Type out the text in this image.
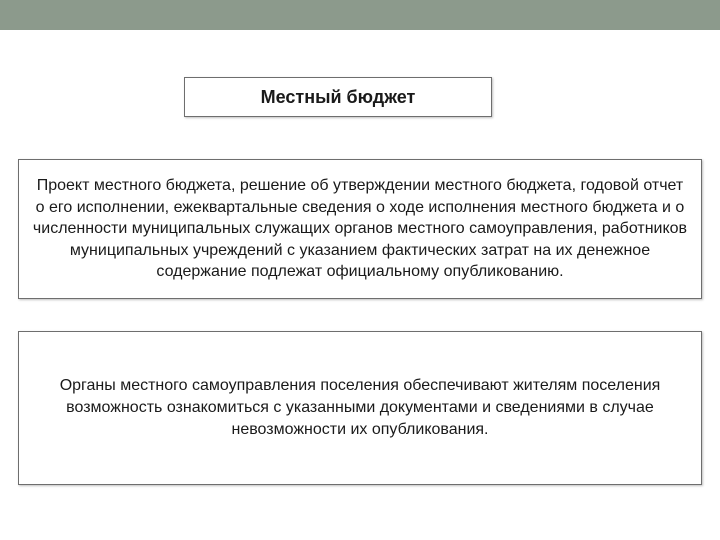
Местный бюджет

Проект местного бюджета, решение об утверждении местного бюджета, годовой отчет о его исполнении, ежеквартальные сведения о ходе исполнения местного бюджета и о численности муниципальных служащих органов местного самоуправления, работников муниципальных учреждений с указанием фактических затрат на их денежное содержание подлежат официальному опубликованию.

Органы местного самоуправления поселения обеспечивают жителям поселения возможность ознакомиться с указанными документами и сведениями в случае невозможности их опубликования.
